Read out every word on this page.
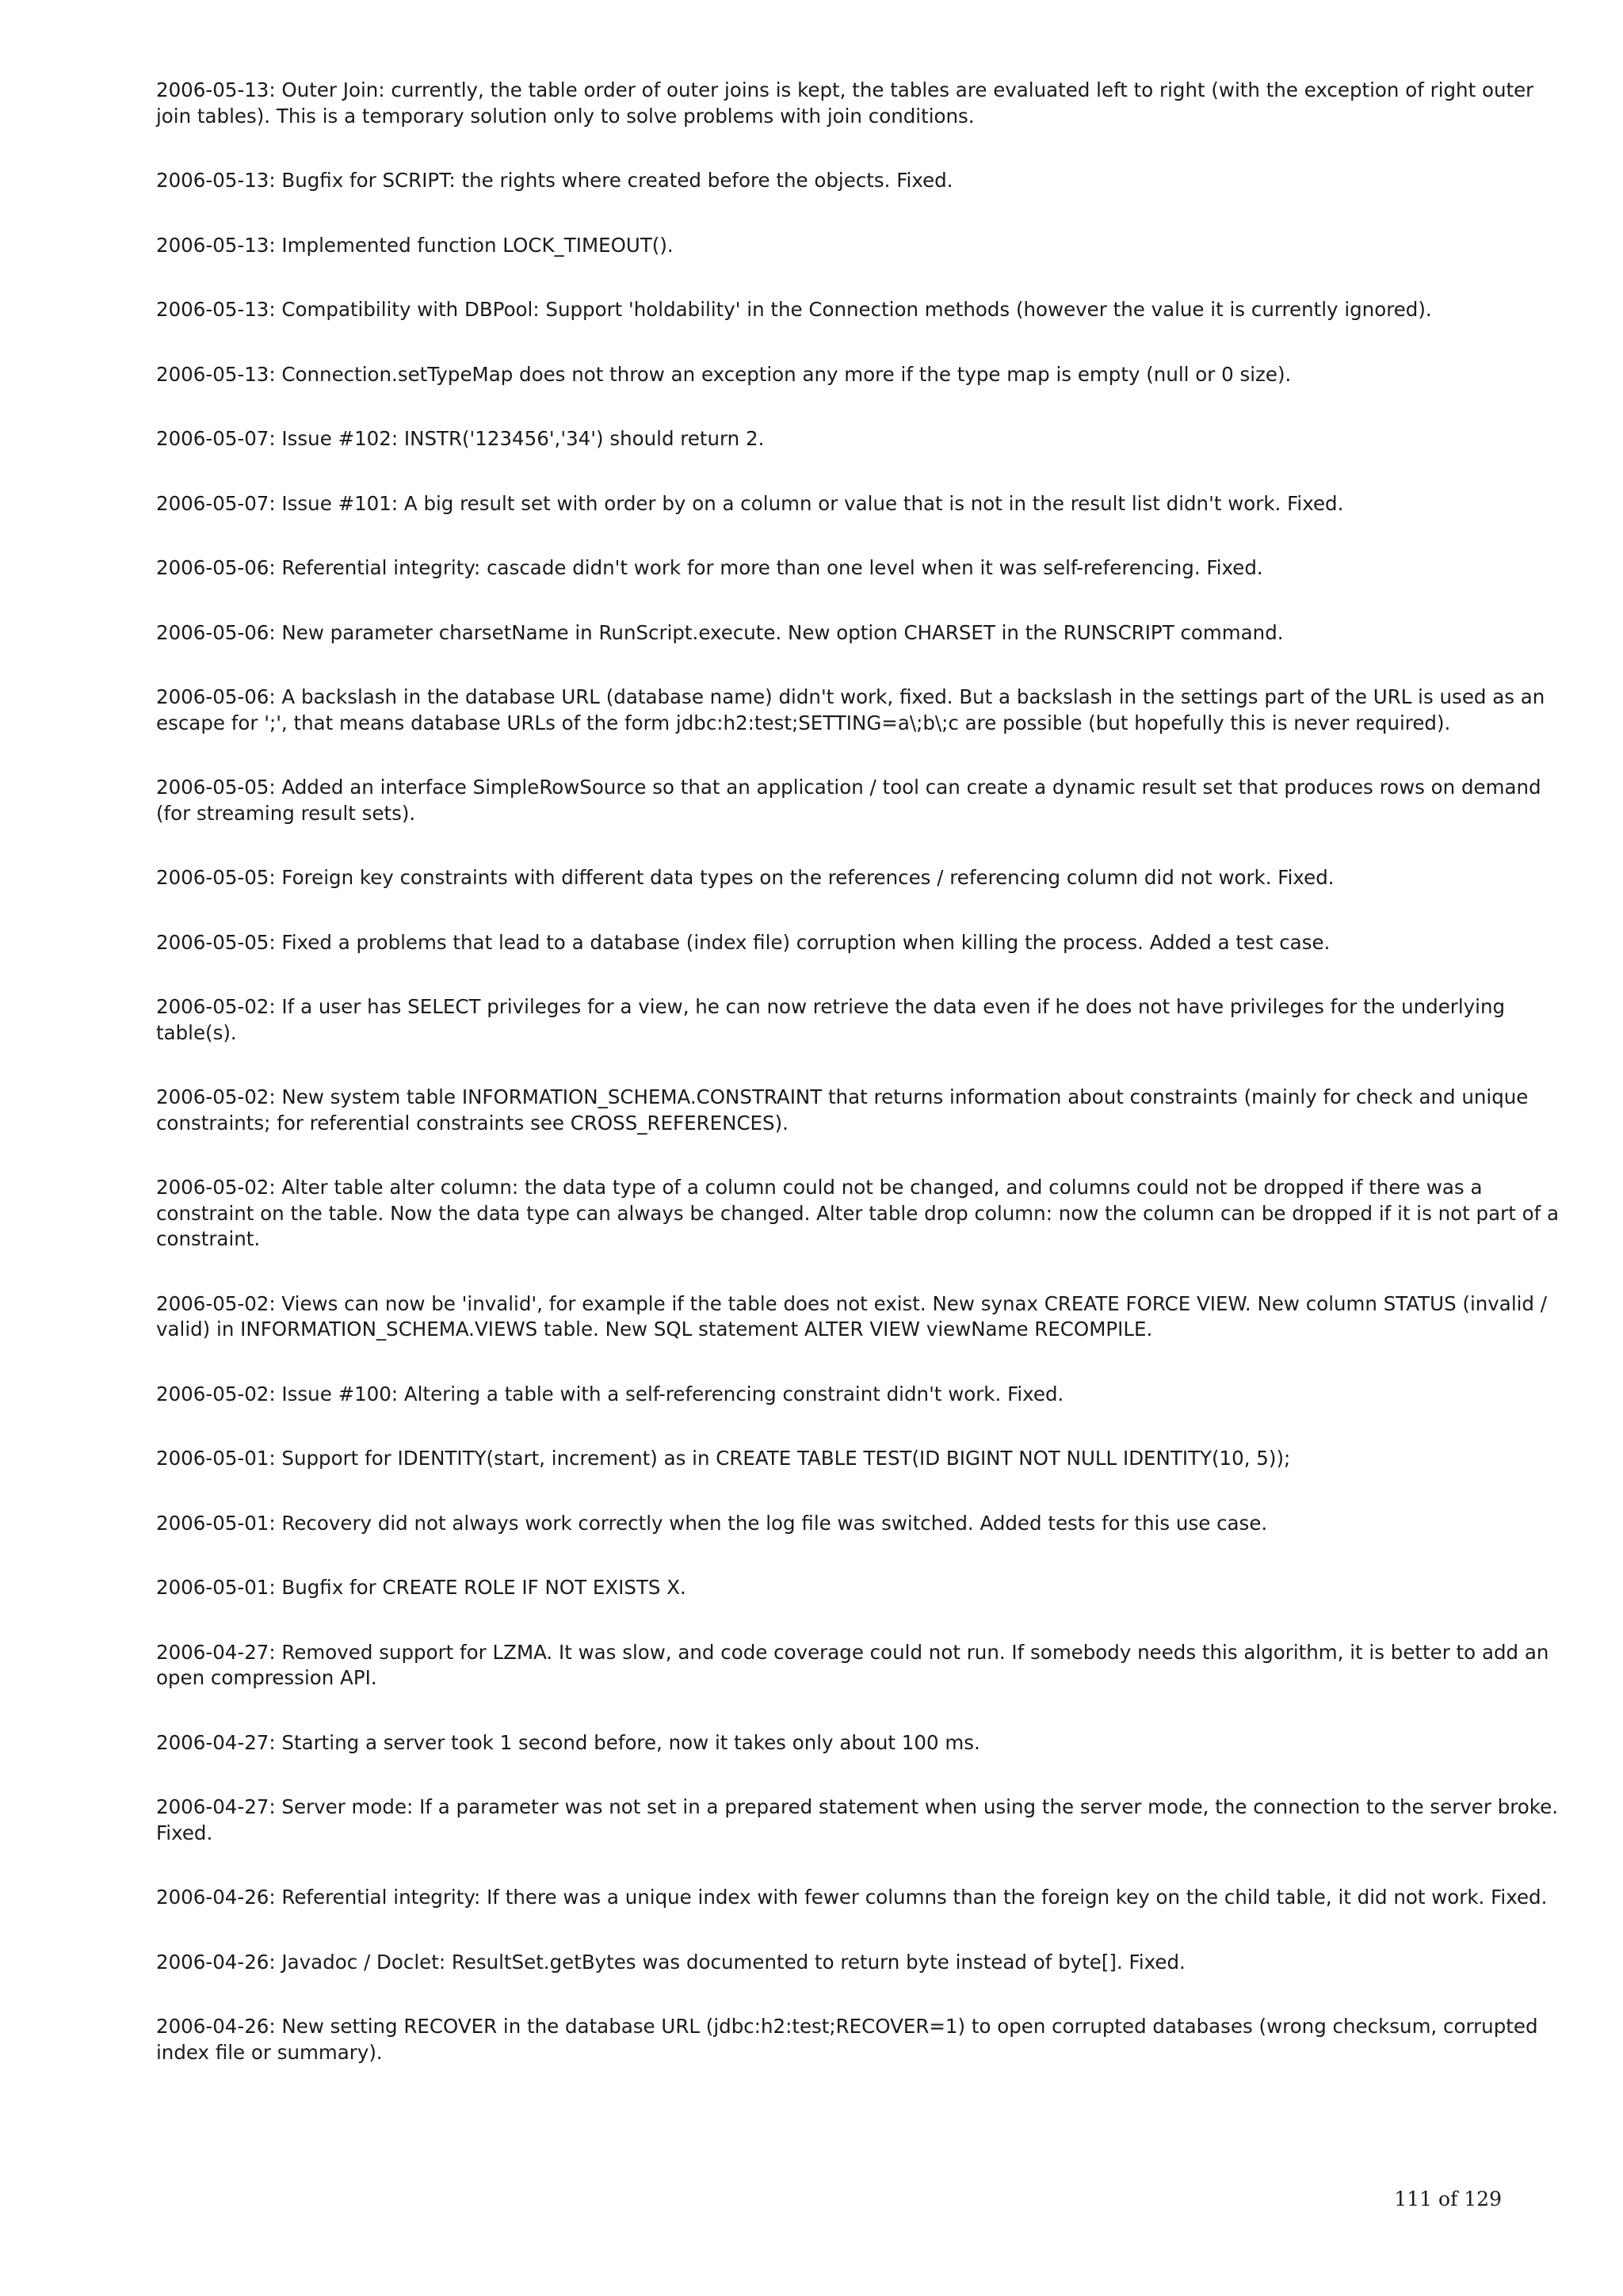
2006-05-13: Outer Join: currently, the table order of outer joins is kept, the tables are evaluated left to right (with the exception of right outer join tables). This is a temporary solution only to solve problems with join conditions.

2006-05-13: Bugfix for SCRIPT: the rights where created before the objects. Fixed.

2006-05-13: Implemented function LOCK_TIMEOUT().

2006-05-13: Compatibility with DBPool: Support 'holdability' in the Connection methods (however the value it is currently ignored).

2006-05-13: Connection.setTypeMap does not throw an exception any more if the type map is empty (null or 0 size).

2006-05-07: Issue #102: INSTR('123456','34') should return 2.

2006-05-07: Issue #101: A big result set with order by on a column or value that is not in the result list didn't work. Fixed.

2006-05-06: Referential integrity: cascade didn't work for more than one level when it was self-referencing. Fixed.

2006-05-06: New parameter charsetName in RunScript.execute. New option CHARSET in the RUNSCRIPT command.

2006-05-06: A backslash in the database URL (database name) didn't work, fixed. But a backslash in the settings part of the URL is used as an escape for ';', that means database URLs of the form jdbc:h2:test;SETTING=a\;b\;c are possible (but hopefully this is never required).

2006-05-05: Added an interface SimpleRowSource so that an application / tool can create a dynamic result set that produces rows on demand (for streaming result sets).

2006-05-05: Foreign key constraints with different data types on the references / referencing column did not work. Fixed.

2006-05-05: Fixed a problems that lead to a database (index file) corruption when killing the process. Added a test case.

2006-05-02: If a user has SELECT privileges for a view, he can now retrieve the data even if he does not have privileges for the underlying table(s).

2006-05-02: New system table INFORMATION_SCHEMA.CONSTRAINT that returns information about constraints (mainly for check and unique constraints; for referential constraints see CROSS_REFERENCES).

2006-05-02: Alter table alter column: the data type of a column could not be changed, and columns could not be dropped if there was a constraint on the table. Now the data type can always be changed. Alter table drop column: now the column can be dropped if it is not part of a constraint.

2006-05-02: Views can now be 'invalid', for example if the table does not exist. New synax CREATE FORCE VIEW. New column STATUS (invalid / valid) in INFORMATION_SCHEMA.VIEWS table. New SQL statement ALTER VIEW viewName RECOMPILE.

2006-05-02: Issue #100: Altering a table with a self-referencing constraint didn't work. Fixed.

2006-05-01: Support for IDENTITY(start, increment) as in CREATE TABLE TEST(ID BIGINT NOT NULL IDENTITY(10, 5));

2006-05-01: Recovery did not always work correctly when the log file was switched. Added tests for this use case.

2006-05-01: Bugfix for CREATE ROLE IF NOT EXISTS X.

2006-04-27: Removed support for LZMA. It was slow, and code coverage could not run. If somebody needs this algorithm, it is better to add an open compression API.

2006-04-27: Starting a server took 1 second before, now it takes only about 100 ms.

2006-04-27: Server mode: If a parameter was not set in a prepared statement when using the server mode, the connection to the server broke. Fixed.

2006-04-26: Referential integrity: If there was a unique index with fewer columns than the foreign key on the child table, it did not work. Fixed.

2006-04-26: Javadoc / Doclet: ResultSet.getBytes was documented to return byte instead of byte[]. Fixed.

2006-04-26: New setting RECOVER in the database URL (jdbc:h2:test;RECOVER=1) to open corrupted databases (wrong checksum, corrupted index file or summary).

111 of 129
